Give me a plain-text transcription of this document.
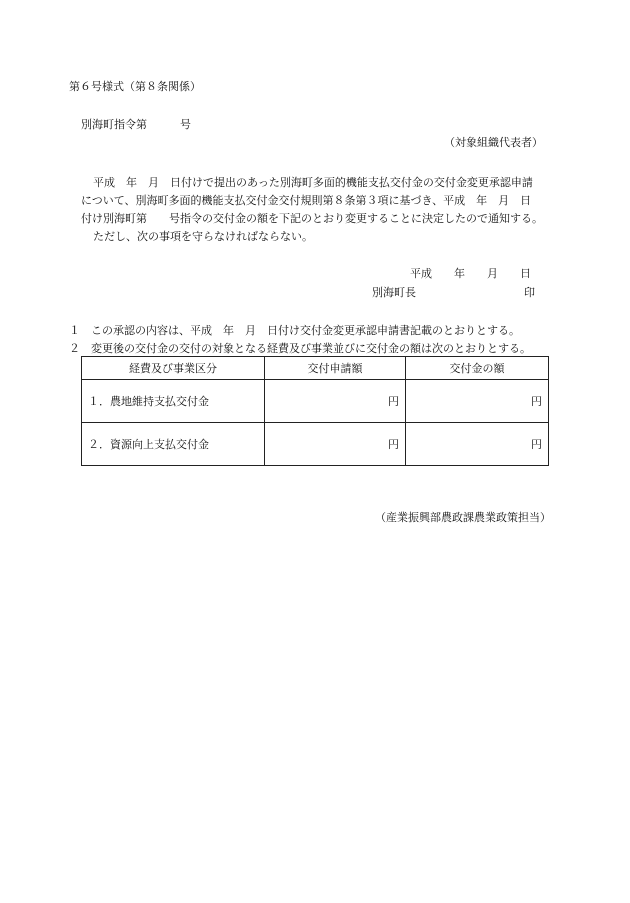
第６号様式（第８条関係）
別海町指令第　　　号
（対象組織代表者）
平成　年　月　日付けで提出のあった別海町多面的機能支払交付金の交付金変更承認申請
について、別海町多面的機能支払交付金交付規則第８条第３項に基づき、平成　年　月　日
付け別海町第　　号指令の交付金の額を下記のとおり変更することに決定したので通知する。
ただし、次の事項を守らなければならない。
平成　　年　　月　　日
別海町長	印
１　この承認の内容は、平成　年　月　日付け交付金変更承認申請書記載のとおりとする。
２　変更後の交付金の交付の対象となる経費及び事業並びに交付金の額は次のとおりとする。
経費及び事業区分	交付申請額	交付金の額
１．農地維持支払交付金	円	円
２．資源向上支払交付金	円	円
（産業振興部農政課農業政策担当）
